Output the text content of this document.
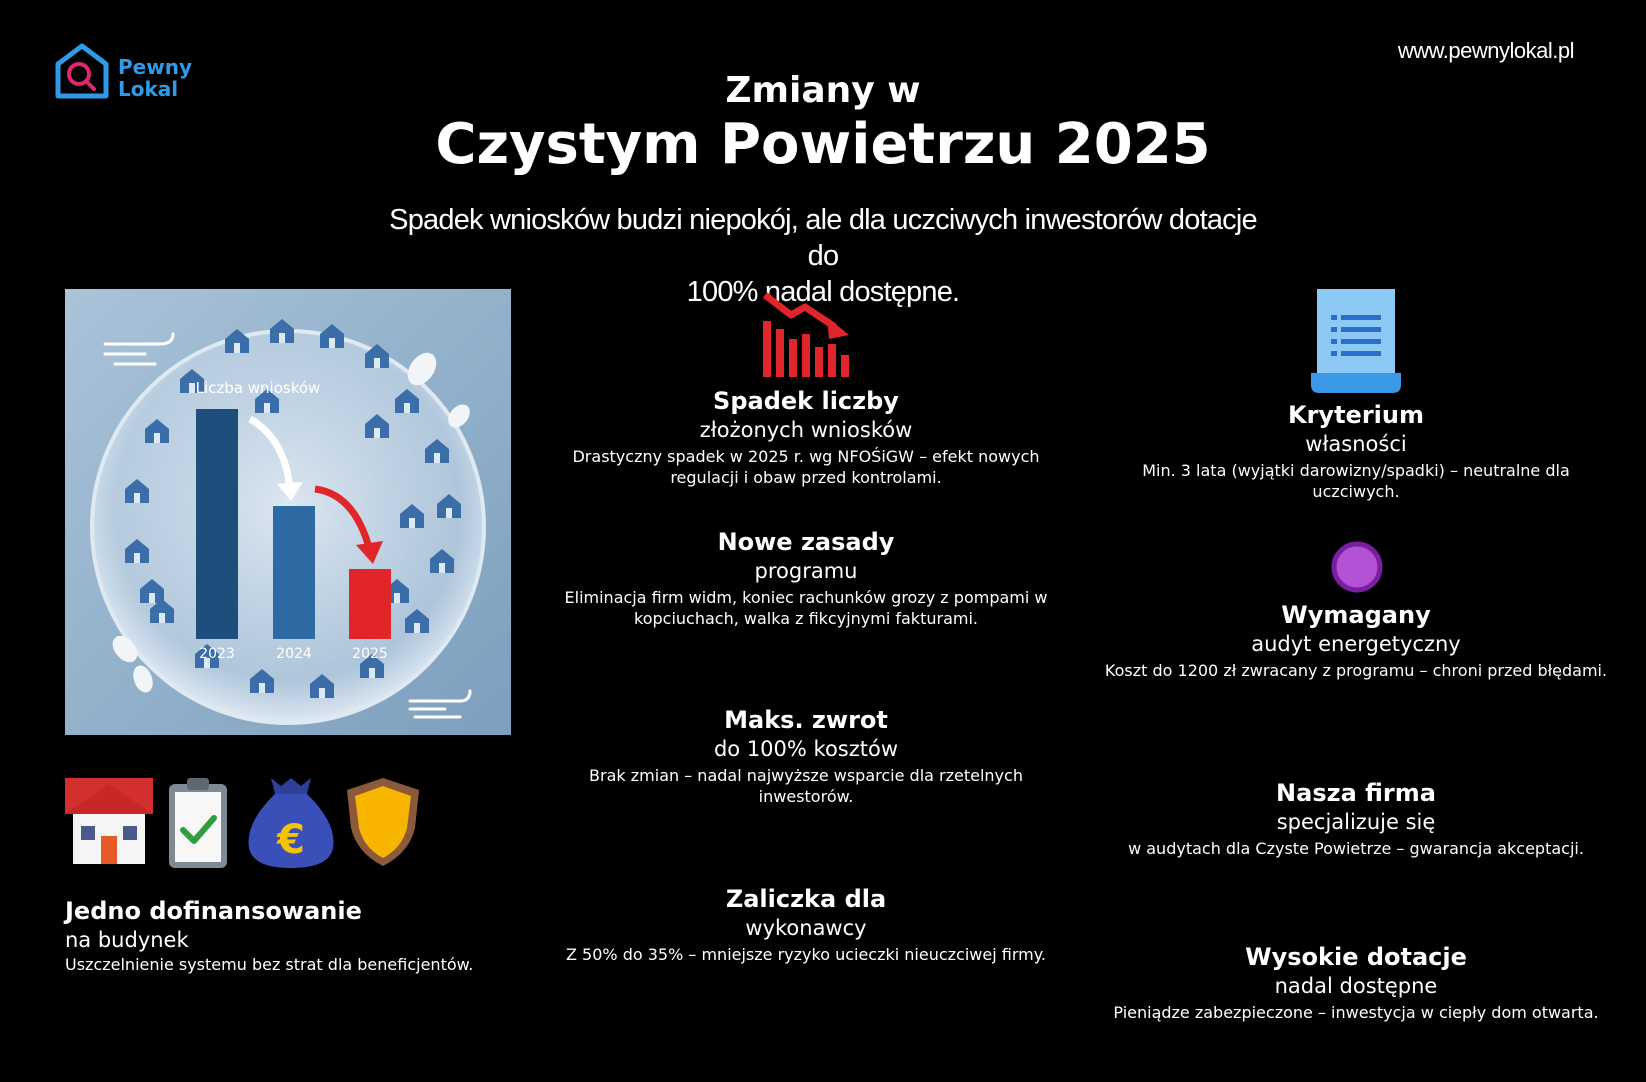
Pewny
Lokal
www.pewnylokal.pl
Zmiany w
Czystym Powietrzu 2025
Spadek wniosków budzi niepokój, ale dla uczciwych inwestorów dotacje do
100% nadal dostępne.
Liczba wniosków
2023	2024	2025
€
Jedno dofinansowanie
na budynek
Uszczelnienie systemu bez strat dla beneficjentów.
Spadek liczby
złożonych wniosków
Drastyczny spadek w 2025 r. wg NFOŚiGW – efekt nowych
regulacji i obaw przed kontrolami.
Nowe zasady
programu
Eliminacja firm widm, koniec rachunków grozy z pompami w
kopciuchach, walka z fikcyjnymi fakturami.
Maks. zwrot
do 100% kosztów
Brak zmian – nadal najwyższe wsparcie dla rzetelnych
inwestorów.
Zaliczka dla
wykonawcy
Z 50% do 35% – mniejsze ryzyko ucieczki nieuczciwej firmy.
Kryterium
własności
Min. 3 lata (wyjątki darowizny/spadki) – neutralne dla
uczciwych.
Wymagany
audyt energetyczny
Koszt do 1200 zł zwracany z programu – chroni przed błędami.
Nasza firma
specjalizuje się
w audytach dla Czyste Powietrze – gwarancja akceptacji.
Wysokie dotacje
nadal dostępne
Pieniądze zabezpieczone – inwestycja w ciepły dom otwarta.
